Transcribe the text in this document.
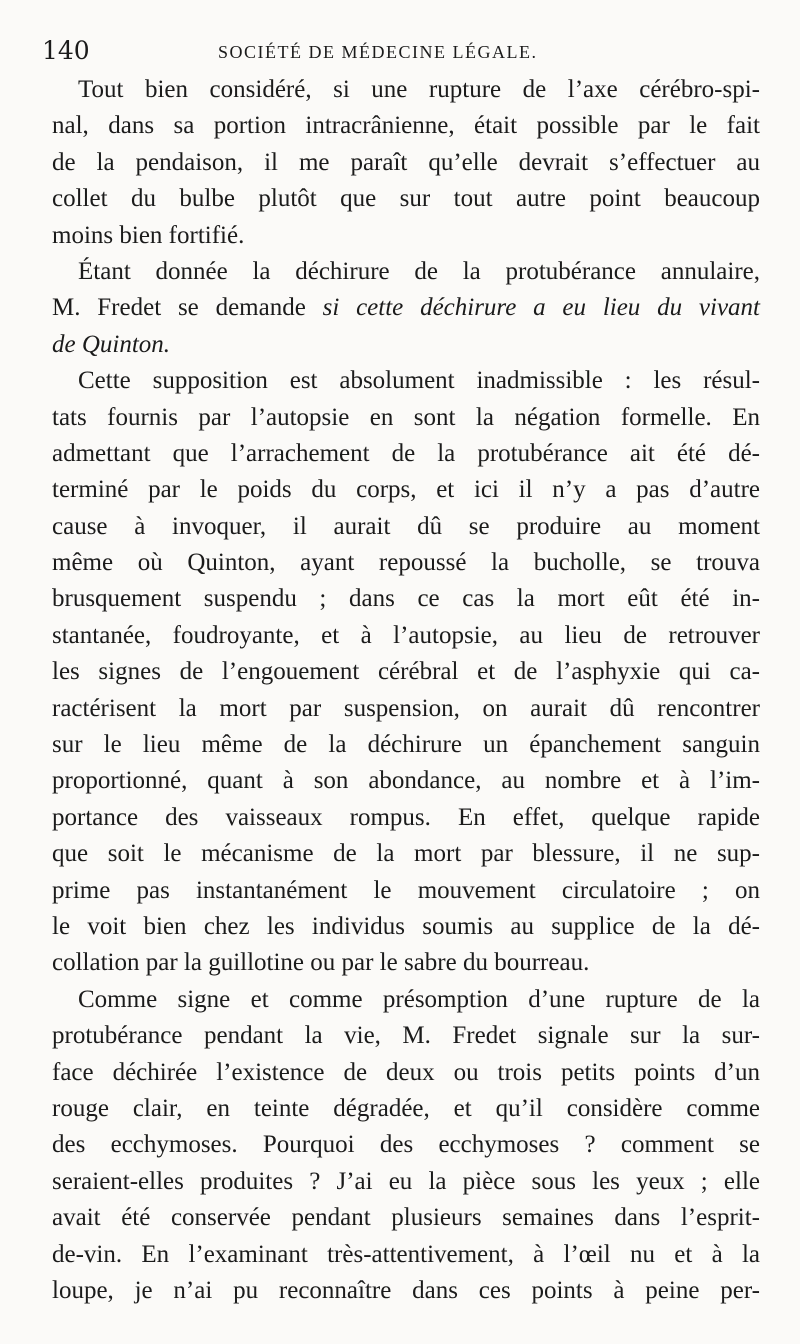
140	SOCIÉTÉ DE MÉDECINE LÉGALE.
Tout bien considéré, si une rupture de l’axe cérébro-spi-
nal, dans sa portion intracrânienne, était possible par le fait
de la pendaison, il me paraît qu’elle devrait s’effectuer au
collet du bulbe plutôt que sur tout autre point beaucoup
moins bien fortifié.
Étant donnée la déchirure de la protubérance annulaire,
M. Fredet se demande si cette déchirure a eu lieu du vivant
de Quinton.
Cette supposition est absolument inadmissible : les résul-
tats fournis par l’autopsie en sont la négation formelle. En
admettant que l’arrachement de la protubérance ait été dé-
terminé par le poids du corps, et ici il n’y a pas d’autre
cause à invoquer, il aurait dû se produire au moment
même où Quinton, ayant repoussé la bucholle, se trouva
brusquement suspendu ; dans ce cas la mort eût été in-
stantanée, foudroyante, et à l’autopsie, au lieu de retrouver
les signes de l’engouement cérébral et de l’asphyxie qui ca-
ractérisent la mort par suspension, on aurait dû rencontrer
sur le lieu même de la déchirure un épanchement sanguin
proportionné, quant à son abondance, au nombre et à l’im-
portance des vaisseaux rompus. En effet, quelque rapide
que soit le mécanisme de la mort par blessure, il ne sup-
prime pas instantanément le mouvement circulatoire ; on
le voit bien chez les individus soumis au supplice de la dé-
collation par la guillotine ou par le sabre du bourreau.
Comme signe et comme présomption d’une rupture de la
protubérance pendant la vie, M. Fredet signale sur la sur-
face déchirée l’existence de deux ou trois petits points d’un
rouge clair, en teinte dégradée, et qu’il considère comme
des ecchymoses. Pourquoi des ecchymoses ? comment se
seraient-elles produites ? J’ai eu la pièce sous les yeux ; elle
avait été conservée pendant plusieurs semaines dans l’esprit-
de-vin. En l’examinant très-attentivement, à l’œil nu et à la
loupe, je n’ai pu reconnaître dans ces points à peine per-
